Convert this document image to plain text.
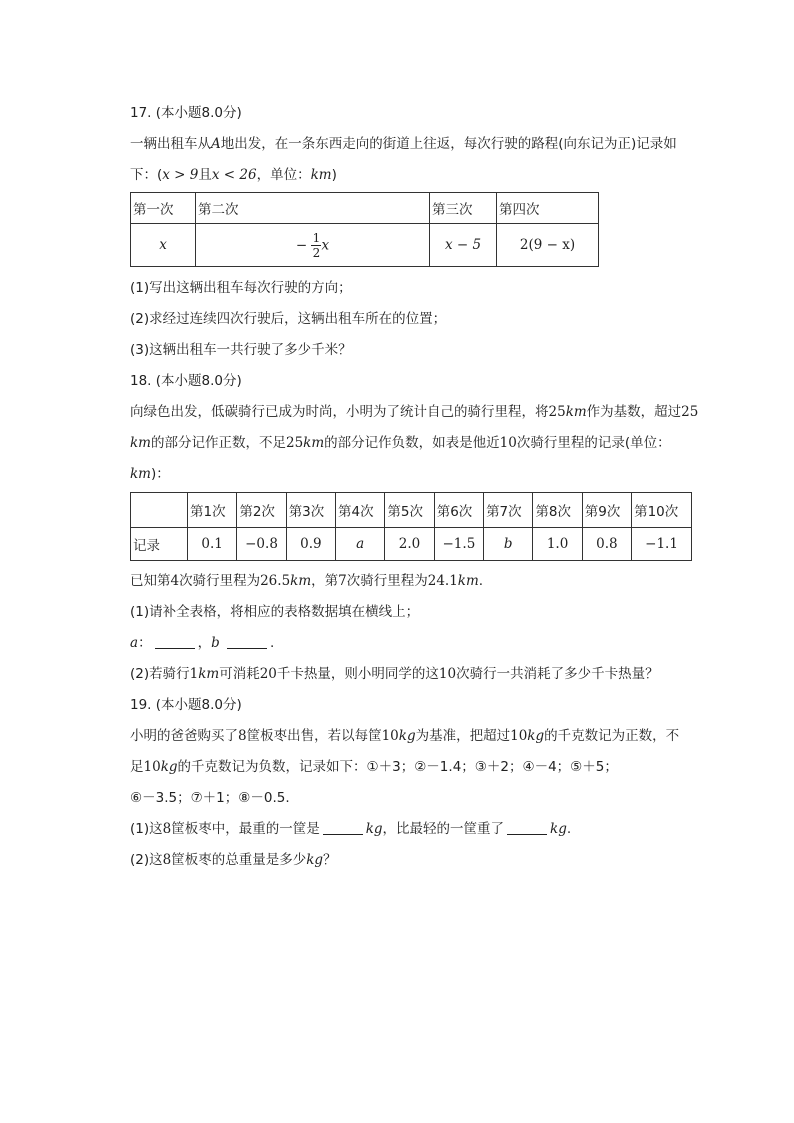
17. (本小题8.0分)
一辆出租车从A地出发，在一条东西走向的街道上往返，每次行驶的路程(向东记为正)记录如
下：(x > 9且x < 26，单位：km)
第一次	第二次	第三次	第四次
x	− $\frac{1}{2}$ x	x − 5	2(9 − x)
(1)写出这辆出租车每次行驶的方向；
(2)求经过连续四次行驶后，这辆出租车所在的位置；
(3)这辆出租车一共行驶了多少千米？
18. (本小题8.0分)
向绿色出发，低碳骑行已成为时尚，小明为了统计自己的骑行里程，将25km作为基数，超过25
km的部分记作正数，不足25km的部分记作负数，如表是他近10次骑行里程的记录(单位：
km)：
	第1次	第2次	第3次	第4次	第5次	第6次	第7次	第8次	第9次	第10次
记录	0.1	−0.8	0.9	a	2.0	−1.5	b	1.0	0.8	−1.1
已知第4次骑行里程为26.5km，第7次骑行里程为24.1km.
(1)请补全表格，将相应的表格数据填在横线上；
a：	，b	.
(2)若骑行1km可消耗20千卡热量，则小明同学的这10次骑行一共消耗了多少千卡热量？
19. (本小题8.0分)
小明的爸爸购买了8筐板枣出售，若以每筐10kg为基准，把超过10kg的千克数记为正数，不
足10kg的千克数记为负数，记录如下：①＋3；②－1.4；③＋2；④－4；⑤＋5；
⑥－3.5；⑦＋1；⑧－0.5.
(1)这8筐板枣中，最重的一筐是	kg，比最轻的一筐重了	kg.
(2)这8筐板枣的总重量是多少kg？
